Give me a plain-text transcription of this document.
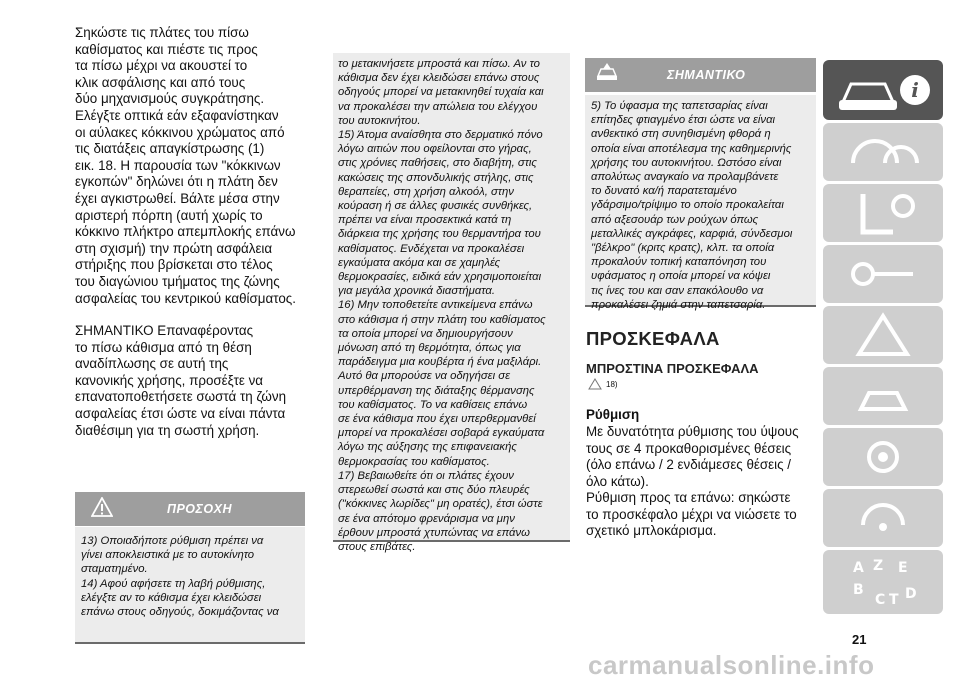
Σηκώστε τις πλάτες του πίσω
καθίσματος και πιέστε τις προς
τα πίσω μέχρι να ακουστεί το
κλικ ασφάλισης και από τους
δύο μηχανισμούς συγκράτησης.
Ελέγξτε οπτικά εάν εξαφανίστηκαν
οι αύλακες κόκκινου χρώματος από
τις διατάξεις απαγκίστρωσης (1)
εικ. 18. Η παρουσία των "κόκκινων
εγκοπών" δηλώνει ότι η πλάτη δεν
έχει αγκιστρωθεί. Βάλτε μέσα στην
αριστερή πόρπη (αυτή χωρίς το
κόκκινο πλήκτρο απεμπλοκής επάνω
στη σχισμή) την πρώτη ασφάλεια
στήριξης που βρίσκεται στο τέλος
του διαγώνιου τμήματος της ζώνης
ασφαλείας του κεντρικού καθίσματος.

ΣΗΜΑΝΤΙΚΟ Επαναφέροντας
το πίσω κάθισμα από τη θέση
αναδίπλωσης σε αυτή της
κανονικής χρήσης, προσέξτε να
επανατοποθετήσετε σωστά τη ζώνη
ασφαλείας έτσι ώστε να είναι πάντα
διαθέσιμη για τη σωστή χρήση.

ΠΡΟΣΟΧΗ

13) Οποιαδήποτε ρύθμιση πρέπει να
γίνει αποκλειστικά με το αυτοκίνητο
σταματημένο.
14) Αφού αφήσετε τη λαβή ρύθμισης,
ελέγξτε αν το κάθισμα έχει κλειδώσει
επάνω στους οδηγούς, δοκιμάζοντας να

το μετακινήσετε μπροστά και πίσω. Αν το
κάθισμα δεν έχει κλειδώσει επάνω στους
οδηγούς μπορεί να μετακινηθεί τυχαία και
να προκαλέσει την απώλεια του ελέγχου
του αυτοκινήτου.
15) Άτομα αναίσθητα στο δερματικό πόνο
λόγω αιτιών που οφείλονται στο γήρας,
στις χρόνιες παθήσεις, στο διαβήτη, στις
κακώσεις της σπονδυλικής στήλης, στις
θεραπείες, στη χρήση αλκοόλ, στην
κούραση ή σε άλλες φυσικές συνθήκες,
πρέπει να είναι προσεκτικά κατά τη
διάρκεια της χρήσης του θερμαντήρα του
καθίσματος. Ενδέχεται να προκαλέσει
εγκαύματα ακόμα και σε χαμηλές
θερμοκρασίες, ειδικά εάν χρησιμοποιείται
για μεγάλα χρονικά διαστήματα.
16) Μην τοποθετείτε αντικείμενα επάνω
στο κάθισμα ή στην πλάτη του καθίσματος
τα οποία μπορεί να δημιουργήσουν
μόνωση από τη θερμότητα, όπως για
παράδειγμα μια κουβέρτα ή ένα μαξιλάρι.
Αυτό θα μπορούσε να οδηγήσει σε
υπερθέρμανση της διάταξης θέρμανσης
του καθίσματος. Το να καθίσεις επάνω
σε ένα κάθισμα που έχει υπερθερμανθεί
μπορεί να προκαλέσει σοβαρά εγκαύματα
λόγω της αύξησης της επιφανειακής
θερμοκρασίας του καθίσματος.
17) Βεβαιωθείτε ότι οι πλάτες έχουν
στερεωθεί σωστά και στις δύο πλευρές
("κόκκινες λωρίδες" μη ορατές), έτσι ώστε
σε ένα απότομο φρενάρισμα να μην
έρθουν μπροστά χτυπώντας να επάνω
στους επιβάτες.

ΣΗΜΑΝΤΙΚΟ

5) Το ύφασμα της ταπετσαρίας είναι
επίτηδες φτιαγμένο έτσι ώστε να είναι
ανθεκτικό στη συνηθισμένη φθορά η
οποία είναι αποτέλεσμα της καθημερινής
χρήσης του αυτοκινήτου. Ωστόσο είναι
απολύτως αναγκαίο να προλαμβάνετε
το δυνατό κα/ή παρατεταμένο
γδάρσιμο/τρίψιμο το οποίο προκαλείται
από αξεσουάρ των ρούχων όπως
μεταλλικές αγκράφες, καρφιά, σύνδεσμοι
"βέλκρο" (κριτς κρατς), κλπ. τα οποία
προκαλούν τοπική καταπόνηση του
υφάσματος η οποία μπορεί να κόψει
τις ίνες του και σαν επακόλουθο να
προκαλέσει ζημιά στην ταπετσαρία.

ΠΡΟΣΚΕΦΑΛΑ
ΜΠΡΟΣΤΙΝΑ ΠΡΟΣΚΕΦΑΛΑ
18)
Ρύθμιση

Με δυνατότητα ρύθμισης του ύψους
τους σε 4 προκαθορισμένες θέσεις
(όλο επάνω / 2 ενδιάμεσες θέσεις /
όλο κάτω).

Ρύθμιση προς τα επάνω: σηκώστε
το προσκέφαλο μέχρι να νιώσετε το
σχετικό μπλοκάρισμα.

i
A Z E
B
C D
T
21
carmanualsonline.info
